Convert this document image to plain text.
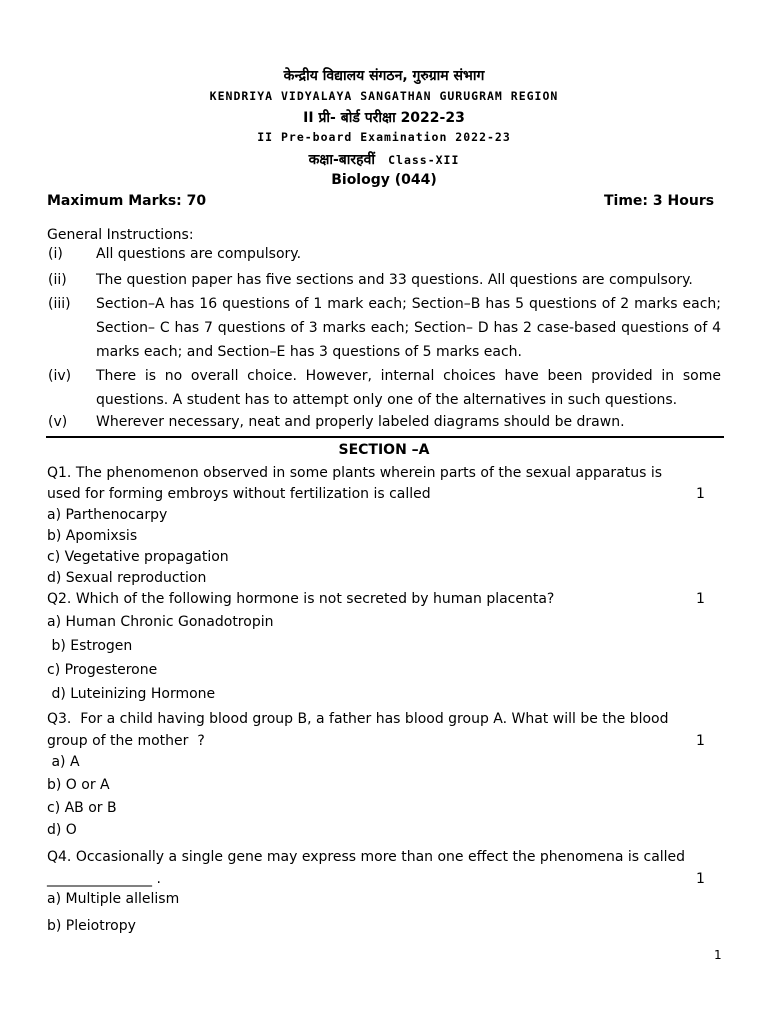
केन्द्रीय विद्यालय संगठन, गुरुग्राम संभाग
KENDRIYA VIDYALAYA SANGATHAN GURUGRAM REGION
II प्री- बोर्ड परीक्षा 2022-23
II Pre-board Examination 2022-23
कक्षा-बारहवीं Class-XII
Biology (044)
Maximum Marks: 70	Time: 3 Hours
General Instructions:
(i) All questions are compulsory.
(ii) The question paper has five sections and 33 questions. All questions are compulsory.
(iii) Section–A has 16 questions of 1 mark each; Section–B has 5 questions of 2 marks each; Section– C has 7 questions of 3 marks each; Section– D has 2 case-based questions of 4 marks each; and Section–E has 3 questions of 5 marks each.
(iv) There is no overall choice. However, internal choices have been provided in some questions. A student has to attempt only one of the alternatives in such questions.
(v) Wherever necessary, neat and properly labeled diagrams should be drawn.
SECTION –A
Q1. The phenomenon observed in some plants wherein parts of the sexual apparatus is
used for forming embroys without fertilization is called	1
a) Parthenocarpy
b) Apomixsis
c) Vegetative propagation
d) Sexual reproduction
Q2. Which of the following hormone is not secreted by human placenta?	1
a) Human Chronic Gonadotropin
b) Estrogen
c) Progesterone
d) Luteinizing Hormone
Q3.  For a child having blood group B, a father has blood group A. What will be the blood
group of the mother  ?	1
a) A
b) O or A
c) AB or B
d) O
Q4. Occasionally a single gene may express more than one effect the phenomena is called
_______________ .	1
a) Multiple allelism
b) Pleiotropy
1
